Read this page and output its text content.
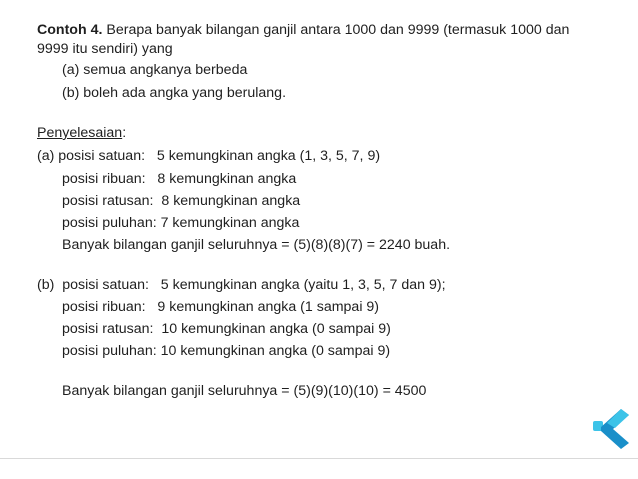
Contoh 4. Berapa banyak bilangan ganjil antara 1000 dan 9999 (termasuk 1000 dan
9999 itu sendiri) yang
(a) semua angkanya berbeda
(b) boleh ada angka yang berulang.
Penyelesaian:
(a) posisi satuan:   5 kemungkinan angka (1, 3, 5, 7, 9)
posisi ribuan:   8 kemungkinan angka
posisi ratusan:  8 kemungkinan angka
posisi puluhan: 7 kemungkinan angka
Banyak bilangan ganjil seluruhnya = (5)(8)(8)(7) = 2240 buah.
(b)  posisi satuan:   5 kemungkinan angka (yaitu 1, 3, 5, 7 dan 9);
posisi ribuan:   9 kemungkinan angka (1 sampai 9)
posisi ratusan:  10 kemungkinan angka (0 sampai 9)
posisi puluhan: 10 kemungkinan angka (0 sampai 9)
Banyak bilangan ganjil seluruhnya = (5)(9)(10)(10) = 4500
